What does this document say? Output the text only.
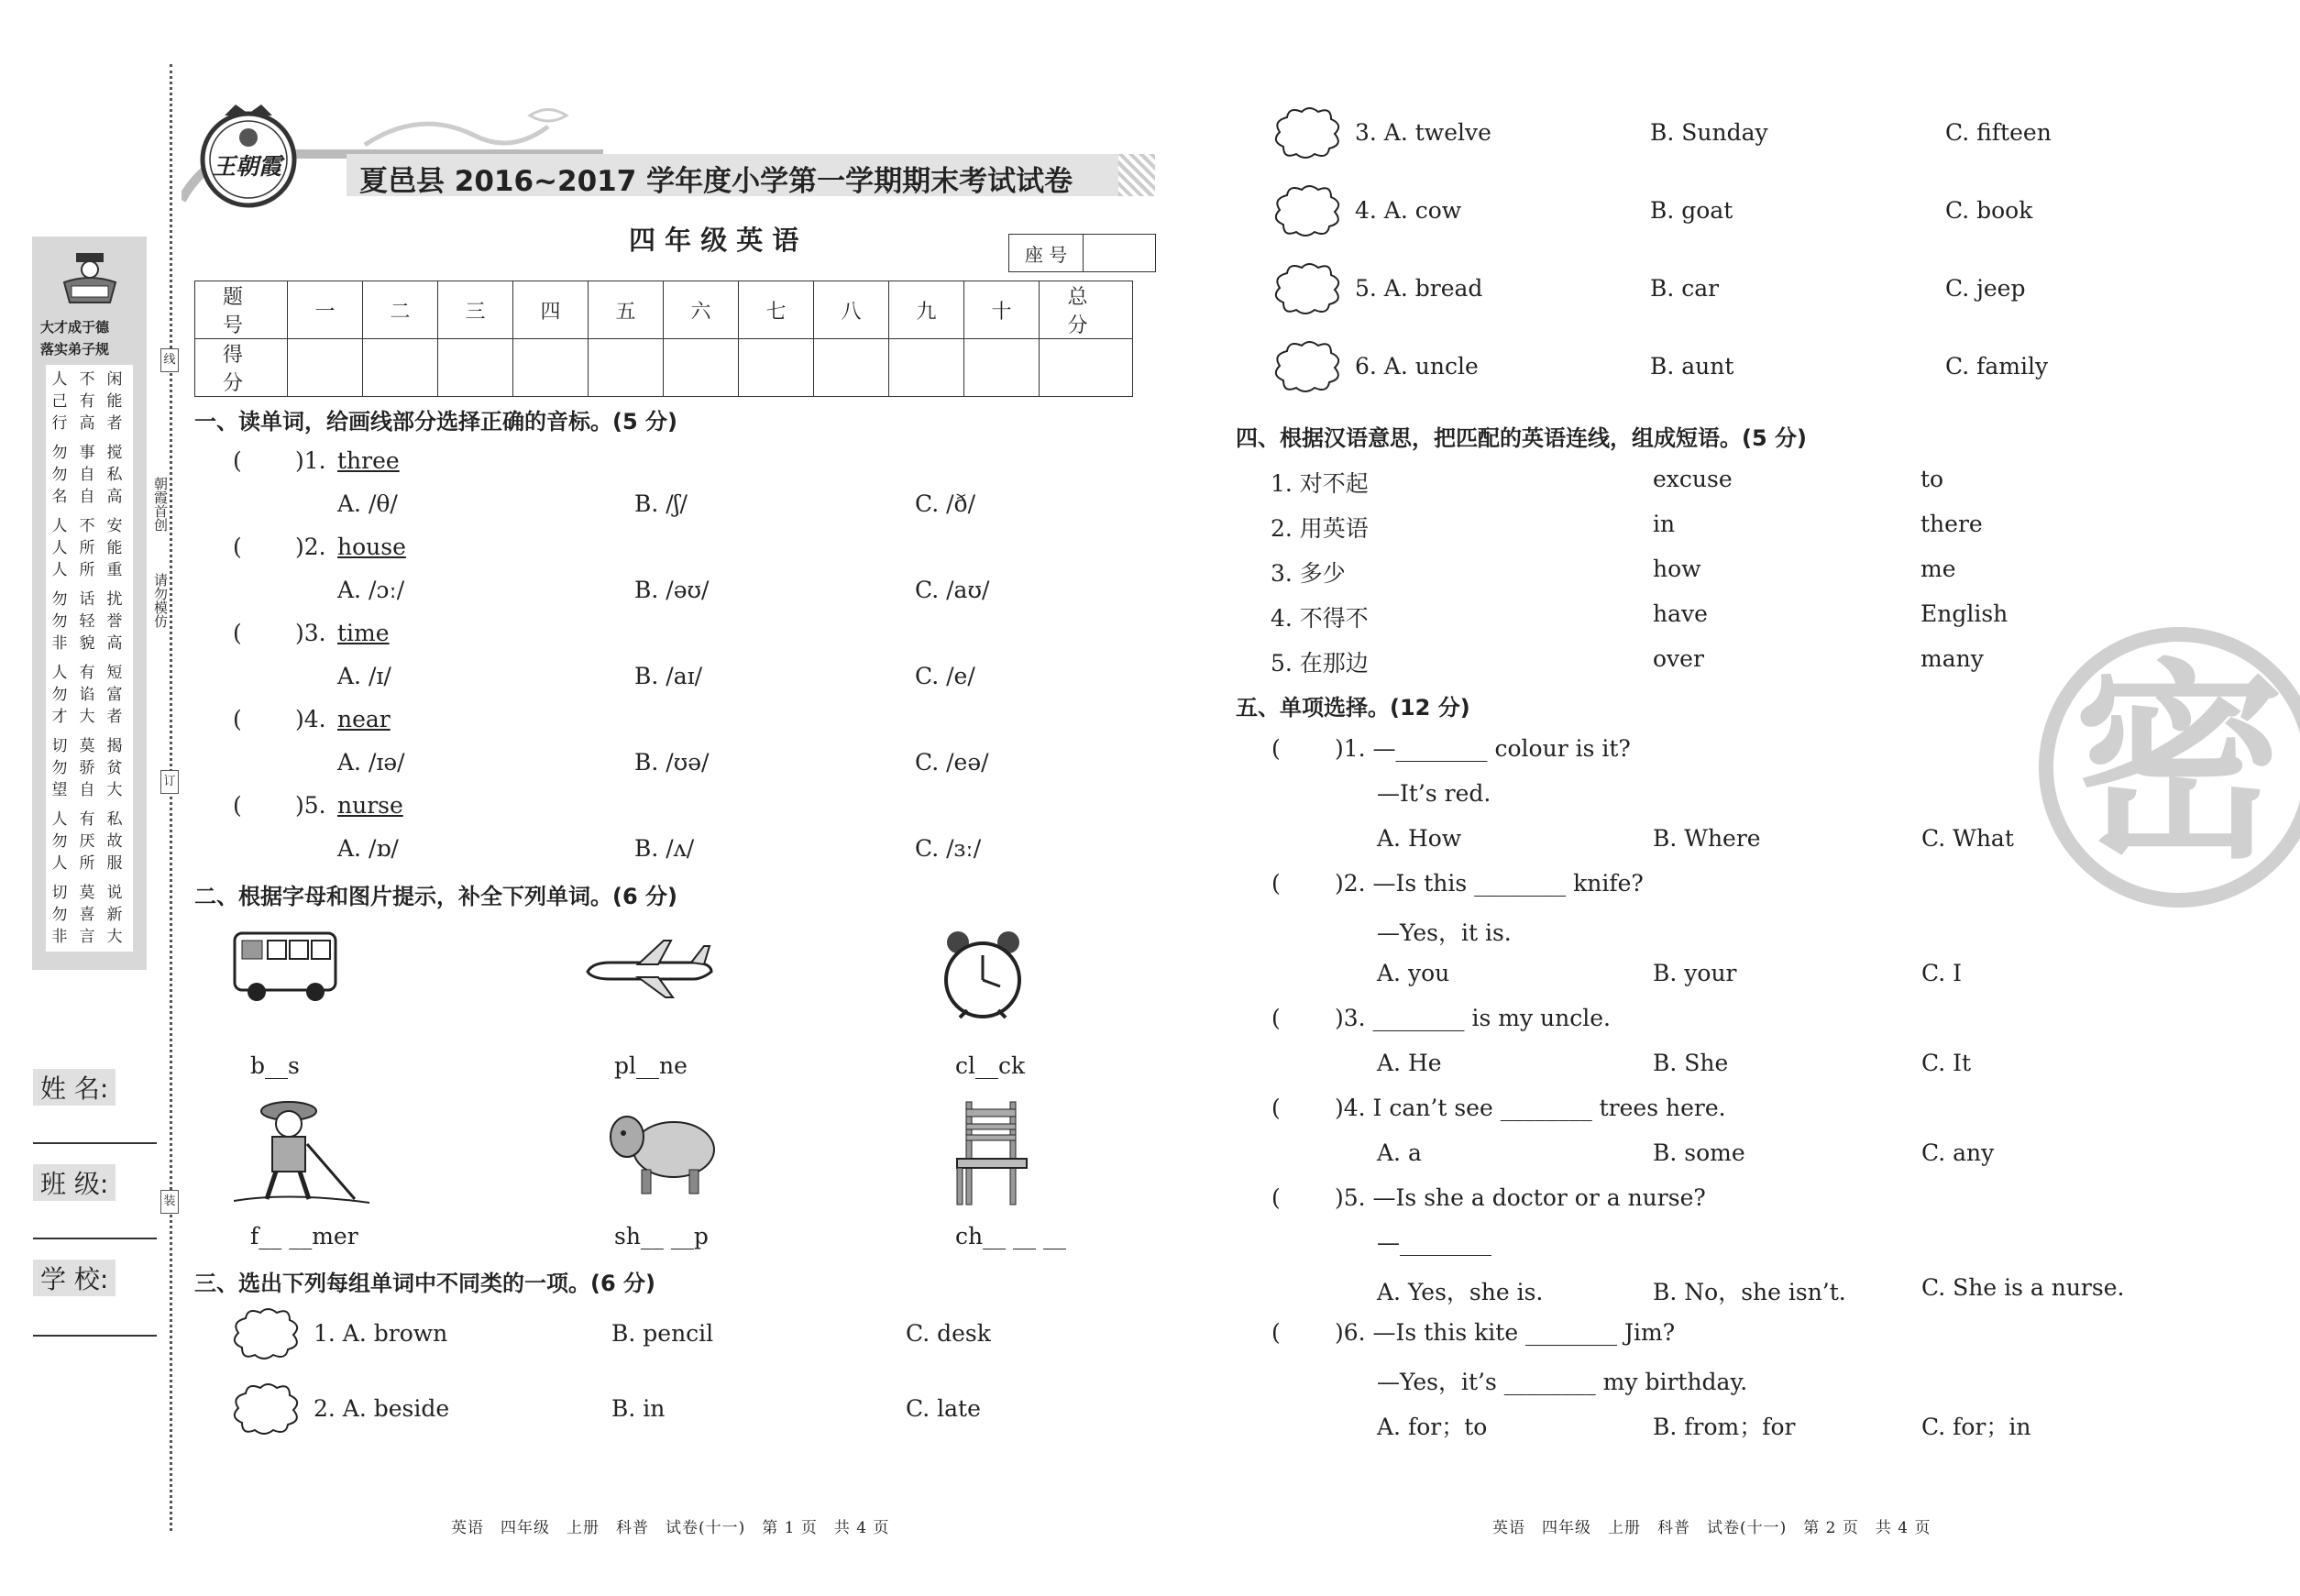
大才成于德
落实弟子规
人己行
不有高
闲能者
勿勿名
事自自
搅私高
人人人
不所所
安能重
勿勿非
话轻貌
扰誉高
人勿才
有谄大
短富者
切勿望
莫骄自
揭贫大
人勿人
有厌所
私故服
切勿非
莫喜言
说新大
朝霞首创
请勿模仿
线
订
装
姓 名:
班 级:
学 校:
王朝霞	夏邑县 2016~2017 学年度小学第一学期期末考试试卷
四 年 级 英 语	座 号	
题 号	一	二	三	四	五	六	七	八	九	十	总 分
得 分											
一、读单词，给画线部分选择正确的音标。(5 分)
( )1. three
A. /θ/	B. /ʃ/	C. /ð/
( )2. house
A. /ɔː/	B. /əʊ/	C. /aʊ/
( )3. time
A. /ɪ/	B. /aɪ/	C. /e/
( )4. near
A. /ɪə/	B. /ʊə/	C. /eə/
( )5. nurse
A. /ɒ/	B. /ʌ/	C. /ɜː/
二、根据字母和图片提示，补全下列单词。(6 分)
b__s	pl__ne	cl__ck
f__ __mer	sh__ __p	ch__ __ __
三、选出下列每组单词中不同类的一项。(6 分)
1. A. brown	B. pencil	C. desk
2. A. beside	B. in	C. late
3. A. twelve	B. Sunday	C. fifteen
4. A. cow	B. goat	C. book
5. A. bread	B. car	C. jeep
6. A. uncle	B. aunt	C. family
四、根据汉语意思，把匹配的英语连线，组成短语。(5 分)
1. 对不起	excuse	to
2. 用英语	in	there
3. 多少	how	me
4. 不得不	have	English
5. 在那边	over	many
五、单项选择。(12 分)
( )1. —________ colour is it?
—It’s red.
A. How	B. Where	C. What
( )2. —Is this ________ knife?
—Yes，it is.
A. you	B. your	C. I
( )3. ________ is my uncle.
A. He	B. She	C. It
( )4. I can’t see ________ trees here.
A. a	B. some	C. any
( )5. —Is she a doctor or a nurse?
—________
A. Yes，she is.	B. No，she isn’t.	C. She is a nurse.
( )6. —Is this kite ________ Jim?
—Yes，it’s ________ my birthday.
A. for；to	B. from；for	C. for；in
密
英语　四年级　上册　科普　试卷(十一)　第 1 页　共 4 页	英语　四年级　上册　科普　试卷(十一)　第 2 页　共 4 页
